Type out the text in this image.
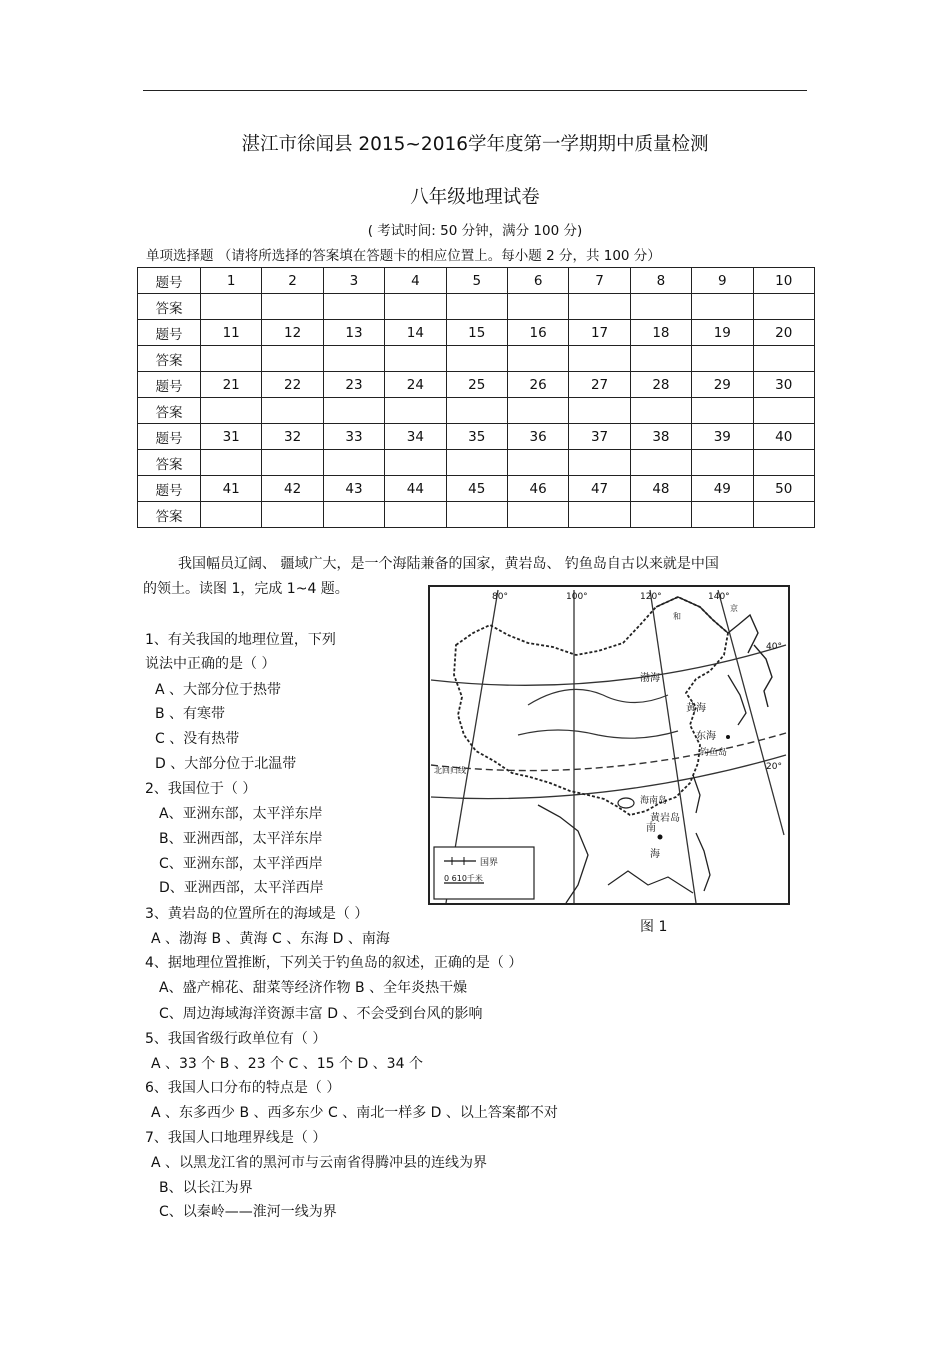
湛江市徐闻县 2015~2016学年度第一学期期中质量检测
八年级地理试卷
( 考试时间: 50 分钟，满分 100 分)
单项选择题 （请将所选择的答案填在答题卡的相应位置上。每小题 2 分，共 100 分）
题号	1	2	3	4	5	6	7	8	9	10
答案										
题号	11	12	13	14	15	16	17	18	19	20
答案										
题号	21	22	23	24	25	26	27	28	29	30
答案										
题号	31	32	33	34	35	36	37	38	39	40
答案										
题号	41	42	43	44	45	46	47	48	49	50
答案										
我国幅员辽阔、 疆域广大，是一个海陆兼备的国家，黄岩岛、 钓鱼岛自古以来就是中国
的领土。读图 1，完成 1~4 题。
1、有关我国的地理位置，下列
说法中正确的是（ ）
A 、大部分位于热带
B 、有寒带
C 、没有热带
D 、大部分位于北温带
2、我国位于（ ）
A、亚洲东部，太平洋东岸
B、亚洲西部，太平洋东岸
C、亚洲东部，太平洋西岸
D、亚洲西部，太平洋西岸
3、黄岩岛的位置所在的海域是（ ）
A 、渤海 B 、黄海 C 、东海 D 、南海
4、据地理位置推断，下列关于钓鱼岛的叙述，正确的是（ ）
A、盛产棉花、甜菜等经济作物 B 、全年炎热干燥
C、周边海域海洋资源丰富 D 、不会受到台风的影响
5、我国省级行政单位有（ ）
A 、33 个 B 、23 个 C 、15 个 D 、34 个
6、我国人口分布的特点是（ ）
A 、东多西少 B 、西多东少 C 、南北一样多 D 、以上答案都不对
7、我国人口地理界线是（ ）
A 、以黑龙江省的黑河市与云南省得腾冲县的连线为界
B、以长江为界
C、以秦岭——淮河一线为界
80°	100°	120°	140°
40°
20°
北回归线
渤海
黄海
东海
钓鱼岛
海南岛
黄岩岛
南
海
和
京
国界
0 610千米
图 1
